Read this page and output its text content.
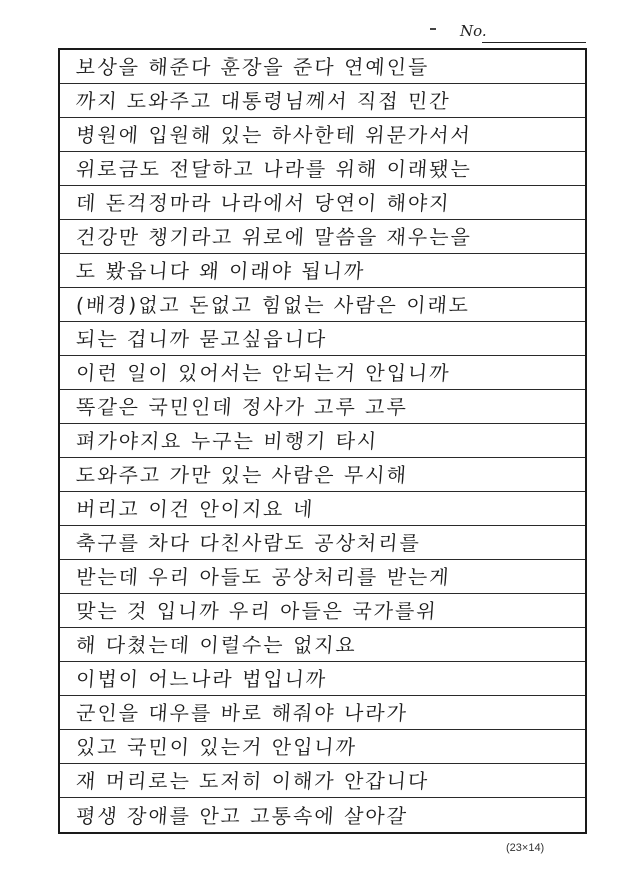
No.
보상을 해준다 훈장을 준다 연예인들
까지 도와주고 대통령님께서 직접 민간
병원에 입원해 있는 하사한테 위문가서서
위로금도 전달하고 나라를 위해 이래됐는
데 돈걱정마라 나라에서 당연이 해야지
건강만 챙기라고 위로에 말씀을 재우는을
도 봤읍니다 왜 이래야 됩니까
(배경)없고 돈없고 힘없는 사람은 이래도
되는 겁니까 묻고싶읍니다
이런 일이 있어서는 안되는거 안입니까
똑같은 국민인데 정사가 고루 고루
펴가야지요 누구는 비행기 타시
도와주고 가만 있는 사람은 무시해
버리고 이건 안이지요 네
축구를 차다 다친사람도 공상처리를
받는데 우리 아들도 공상처리를 받는게
맞는 것 입니까 우리 아들은 국가를위
해 다쳤는데 이럴수는 없지요
이법이 어느나라 법입니까
군인을 대우를 바로 해줘야 나라가
있고 국민이 있는거 안입니까
재 머리로는 도저히 이해가 안갑니다
평생 장애를 안고 고통속에 살아갈
(23×14)
